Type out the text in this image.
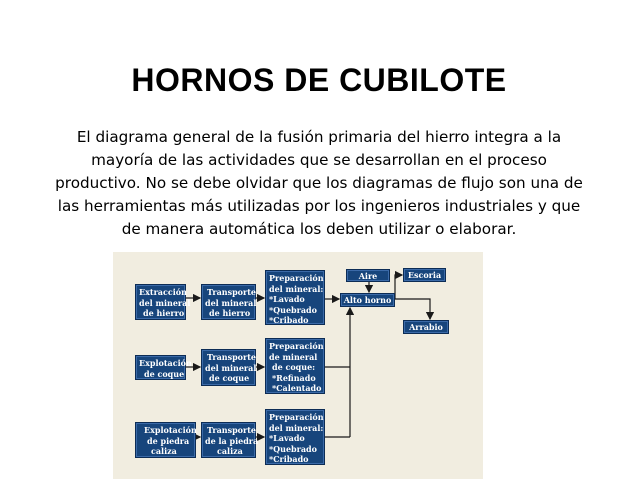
HORNOS DE CUBILOTE
El diagrama general de la fusión primaria del hierro integra a la
mayoría de las actividades que se desarrollan en el proceso
productivo. No se debe olvidar que los diagramas de flujo son una de
las herramientas más utilizadas por los ingenieros industriales y que
de manera automática los deben utilizar o elaborar.
Extracción
del mineral
de hierro
Transporte
del mineral
de hierro
Preparación
del mineral:
*Lavado
*Quebrado
*Cribado
Aire
Alto horno
Escoria
Arrabio
Explotación
de coque
Transporte
del mineral
de coque
Preparación
de mineral
de coque:
*Refinado
*Calentado
Explotación
de piedra
caliza
Transporte
de la piedra
caliza
Preparación
del mineral:
*Lavado
*Quebrado
*Cribado
